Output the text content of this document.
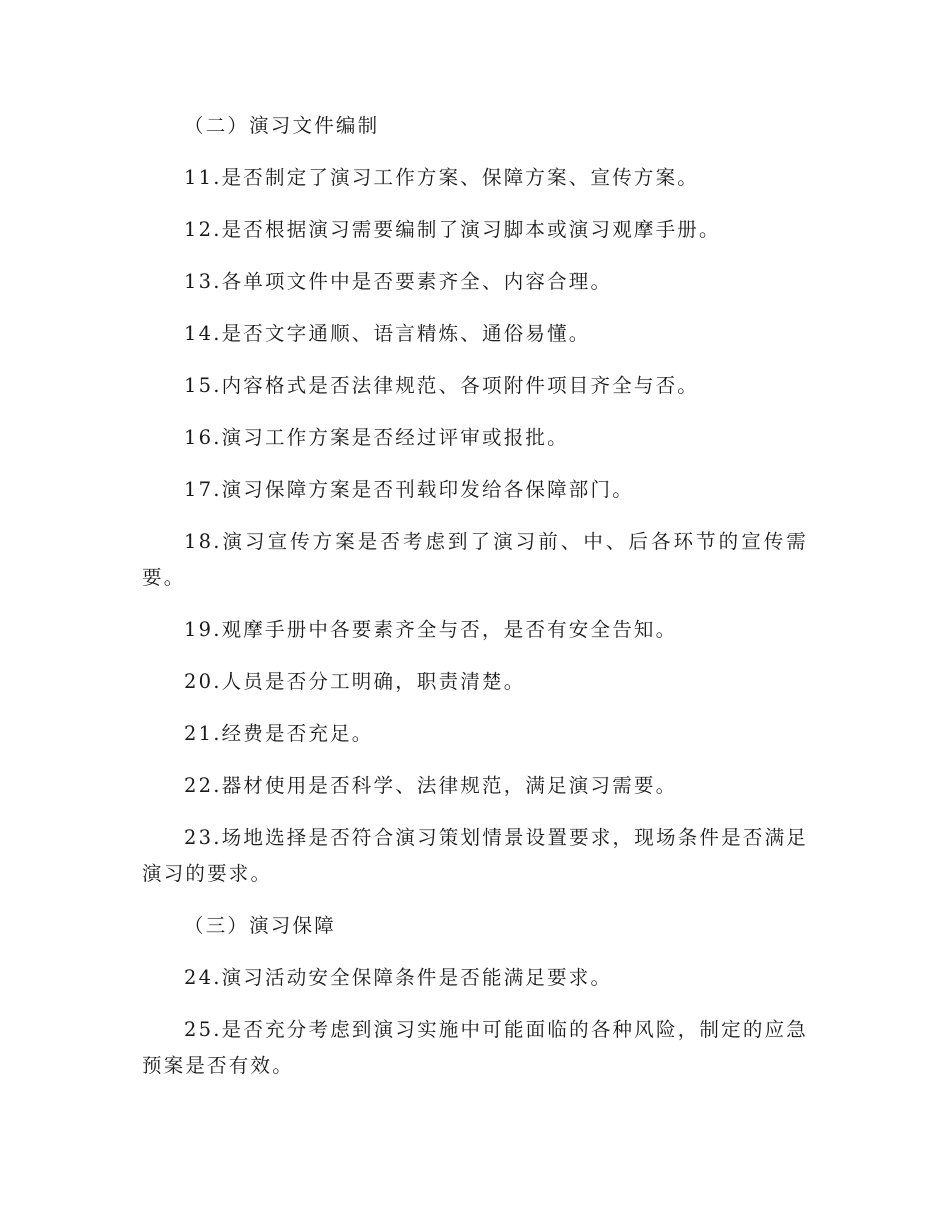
（二）演习文件编制

11.是否制定了演习工作方案、保障方案、宣传方案。

12.是否根据演习需要编制了演习脚本或演习观摩手册。

13.各单项文件中是否要素齐全、内容合理。

14.是否文字通顺、语言精炼、通俗易懂。

15.内容格式是否法律规范、各项附件项目齐全与否。

16.演习工作方案是否经过评审或报批。

17.演习保障方案是否刊载印发给各保障部门。

18.演习宣传方案是否考虑到了演习前、中、后各环节的宣传需要。

19.观摩手册中各要素齐全与否，是否有安全告知。

20.人员是否分工明确，职责清楚。

21.经费是否充足。

22.器材使用是否科学、法律规范，满足演习需要。

23.场地选择是否符合演习策划情景设置要求，现场条件是否满足演习的要求。

（三）演习保障

24.演习活动安全保障条件是否能满足要求。

25.是否充分考虑到演习实施中可能面临的各种风险，制定的应急预案是否有效。
